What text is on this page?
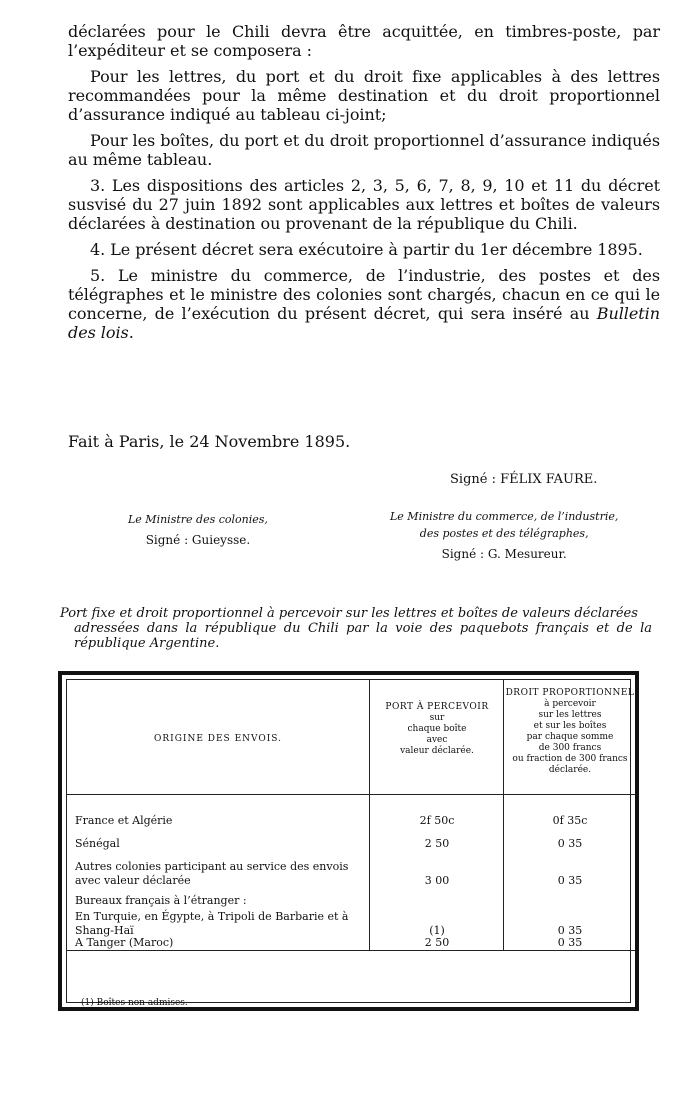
déclarées pour le Chili devra être acquittée, en timbres-poste, par l’expéditeur et se composera :

Pour les lettres, du port et du droit fixe applicables à des lettres recommandées pour la même destination et du droit proportionnel d’assurance indiqué au tableau ci-joint;

Pour les boîtes, du port et du droit proportionnel d’assurance indiqués au même tableau.

3. Les dispositions des articles 2, 3, 5, 6, 7, 8, 9, 10 et 11 du décret susvisé du 27 juin 1892 sont applicables aux lettres et boîtes de valeurs déclarées à destination ou provenant de la république du Chili.

4. Le présent décret sera exécutoire à partir du 1er décembre 1895.

5. Le ministre du commerce, de l’industrie, des postes et des télégraphes et le ministre des colonies sont chargés, chacun en ce qui le concerne, de l’exécution du présent décret, qui sera inséré au Bulletin des lois.

Fait à Paris, le 24 Novembre 1895.
Signé : FÉLIX FAURE.
Le Ministre des colonies,
Signé : Guieysse.
Le Ministre du commerce, de l’industrie,
des postes et des télégraphes,
Signé : G. Mesureur.
Port fixe et droit proportionnel à percevoir sur les lettres et boîtes de valeurs déclarées
adressées dans la république du Chili par la voie des paquebots français et de la république Argentine.
ORIGINE DES ENVOIS.
PORT À PERCEVOIR
sur
chaque boîte
avec
valeur déclarée.
DROIT PROPORTIONNEL
à percevoir
sur les lettres
et sur les boîtes
par chaque somme
de 300 francs
ou fraction de 300 francs
déclarée.
France et Algérie	2f 50c	0f 35c
Sénégal	2 50	0 35
Autres colonies participant au service des envois avec valeur déclarée	3 00	0 35
Bureaux français à l’étranger :
En Turquie, en Égypte, à Tripoli de Barbarie et à Shang-Haï	(1)	0 35
A Tanger (Maroc)	2 50	0 35
(1) Boîtes non admises.
